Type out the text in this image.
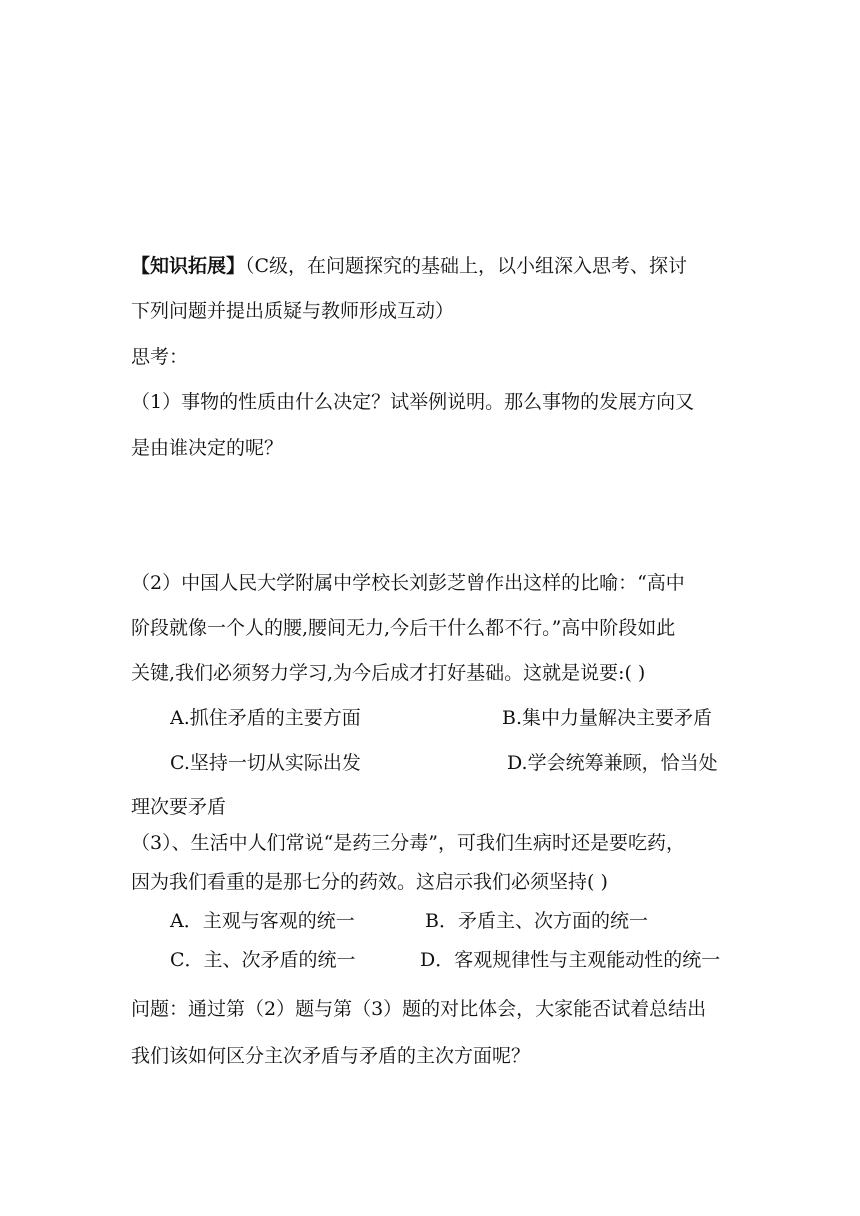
【知识拓展】（C级，在问题探究的基础上，以小组深入思考、探讨
下列问题并提出质疑与教师形成互动）
思考：
（1）事物的性质由什么决定？试举例说明。那么事物的发展方向又
是由谁决定的呢？
（2）中国人民大学附属中学校长刘彭芝曾作出这样的比喻：“高中
阶段就像一个人的腰,腰间无力,今后干什么都不行。”高中阶段如此
关键,我们必须努力学习,为今后成才打好基础。这就是说要:( )
A.抓住矛盾的主要方面	B.集中力量解决主要矛盾
C.坚持一切从实际出发	D.学会统筹兼顾，恰当处
理次要矛盾
（3）、生活中人们常说“是药三分毒”，可我们生病时还是要吃药，
因为我们看重的是那七分的药效。这启示我们必须坚持( )
A．主观与客观的统一	B．矛盾主、次方面的统一
C．主、次矛盾的统一	D．客观规律性与主观能动性的统一
问题：通过第（2）题与第（3）题的对比体会，大家能否试着总结出
我们该如何区分主次矛盾与矛盾的主次方面呢？
